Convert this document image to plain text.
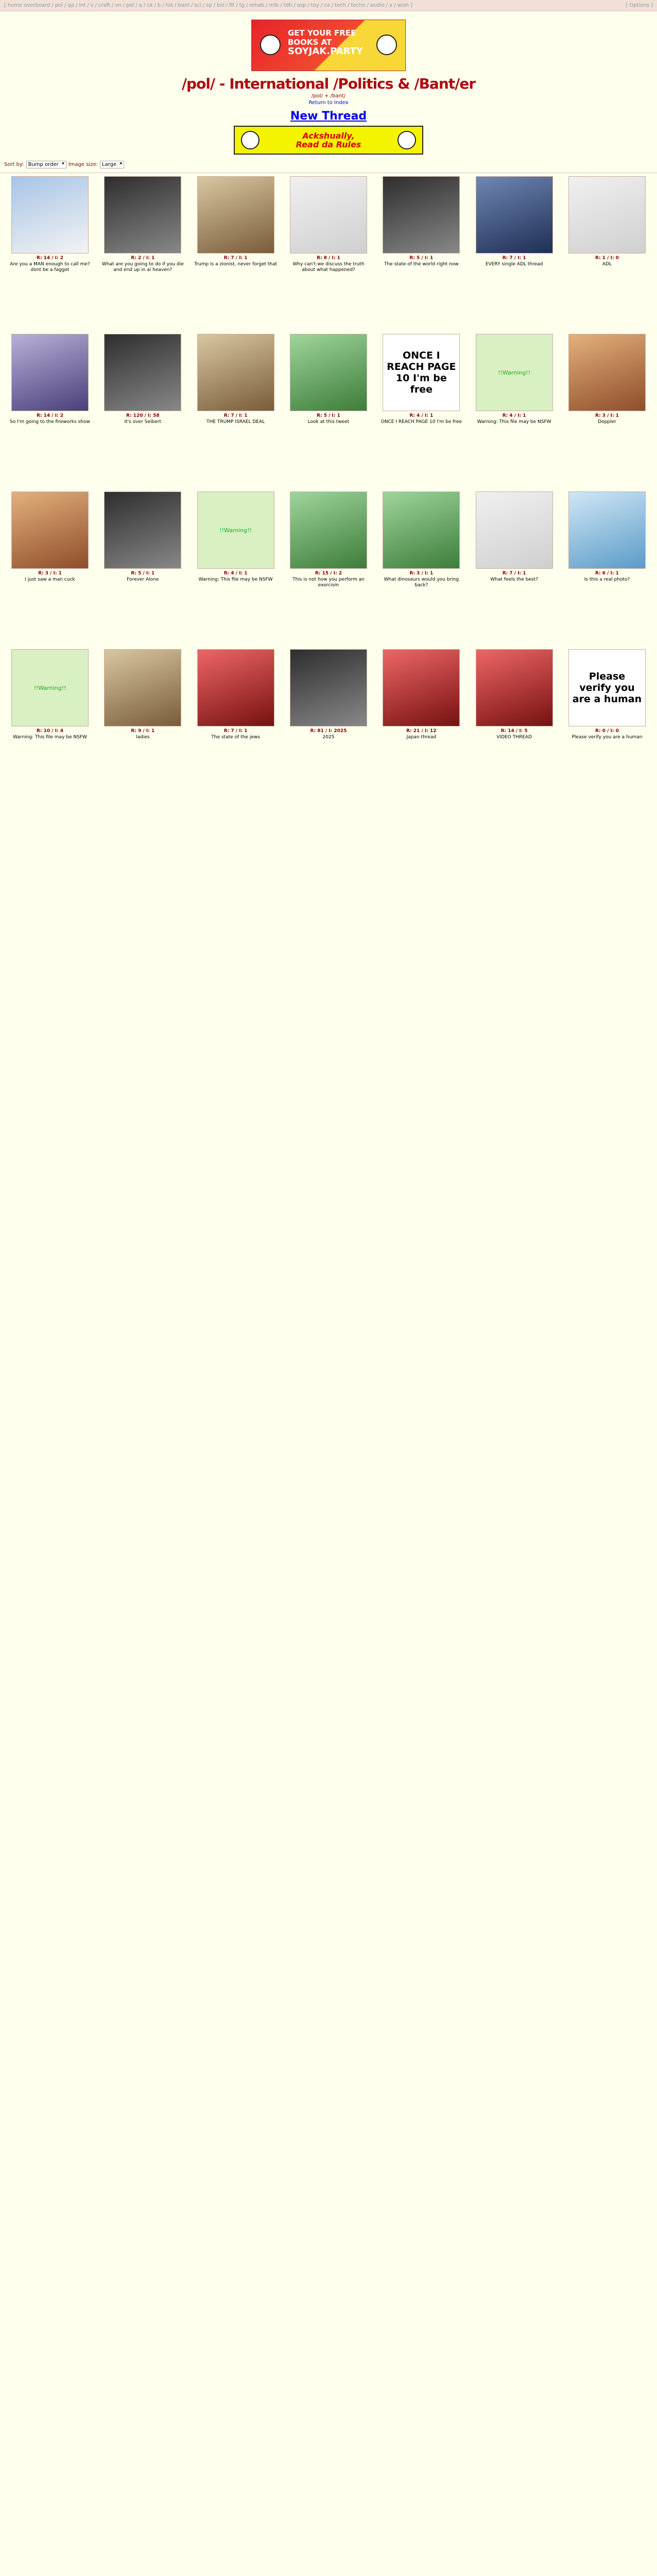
[ home overboard / pol / qa / int / v / craft / vn / pol / a / ck / b / his / bant / sci / sp / biz / fit / tg / rehab / mlb / tdh / asp / toy / ca / tech / techn / audio / x / wish ]	[ Options ]
GET YOUR FREE
BOOKS AT
SOYJAK.PARTY
/pol/ - International /Politics & /Bant/er
/pol/ + /bant/
Return to Index
New Thread
Ackshually,
Read da Rules
Sort by: Bump order ▾	Image size: Large ▾
R: 14 / I: 2
Are you a MAN enough to call me? dont be a faggot
R: 2 / I: 1
What are you going to do if you die and end up in ai heaven?
R: 7 / I: 1
Trump is a zionist, never forget that
R: 8 / I: 1
Why can't we discuss the truth about what happened?
R: 5 / I: 1
The state of the world right now
R: 7 / I: 1
EVERY single ADL thread
R: 1 / I: 0
ADL
R: 14 / I: 2
So I'm going to the fireworks show
R: 120 / I: 58
It's over Seibert
R: 7 / I: 1
THE TRUMP ISRAEL DEAL
R: 5 / I: 1
Look at this tweet
ONCE I REACH PAGE 10 I'm be free
R: 4 / I: 1
ONCE I REACH PAGE 10 I'm be free
!!Warning!!
R: 4 / I: 1
Warning: This file may be NSFW
R: 3 / I: 1
Doppler
R: 3 / I: 1
I just saw a man cuck
R: 5 / I: 1
Forever Alone
!!Warning!!
R: 4 / I: 1
Warning: This file may be NSFW
R: 15 / I: 2
This is not how you perform an exorcism
R: 3 / I: 1
What dinosaurs would you bring back?
R: 7 / I: 1
What feels the best?
R: 6 / I: 1
Is this a real photo?
!!Warning!!
R: 10 / I: 4
Warning: This file may be NSFW
R: 9 / I: 1
ladies
R: 7 / I: 1
The state of the jews
R: 81 / I: 2025
2025
R: 21 / I: 12
Japan thread
R: 14 / I: 5
VIDEO THREAD
Please verify you are a human
R: 0 / I: 0
Please verify you are a human
